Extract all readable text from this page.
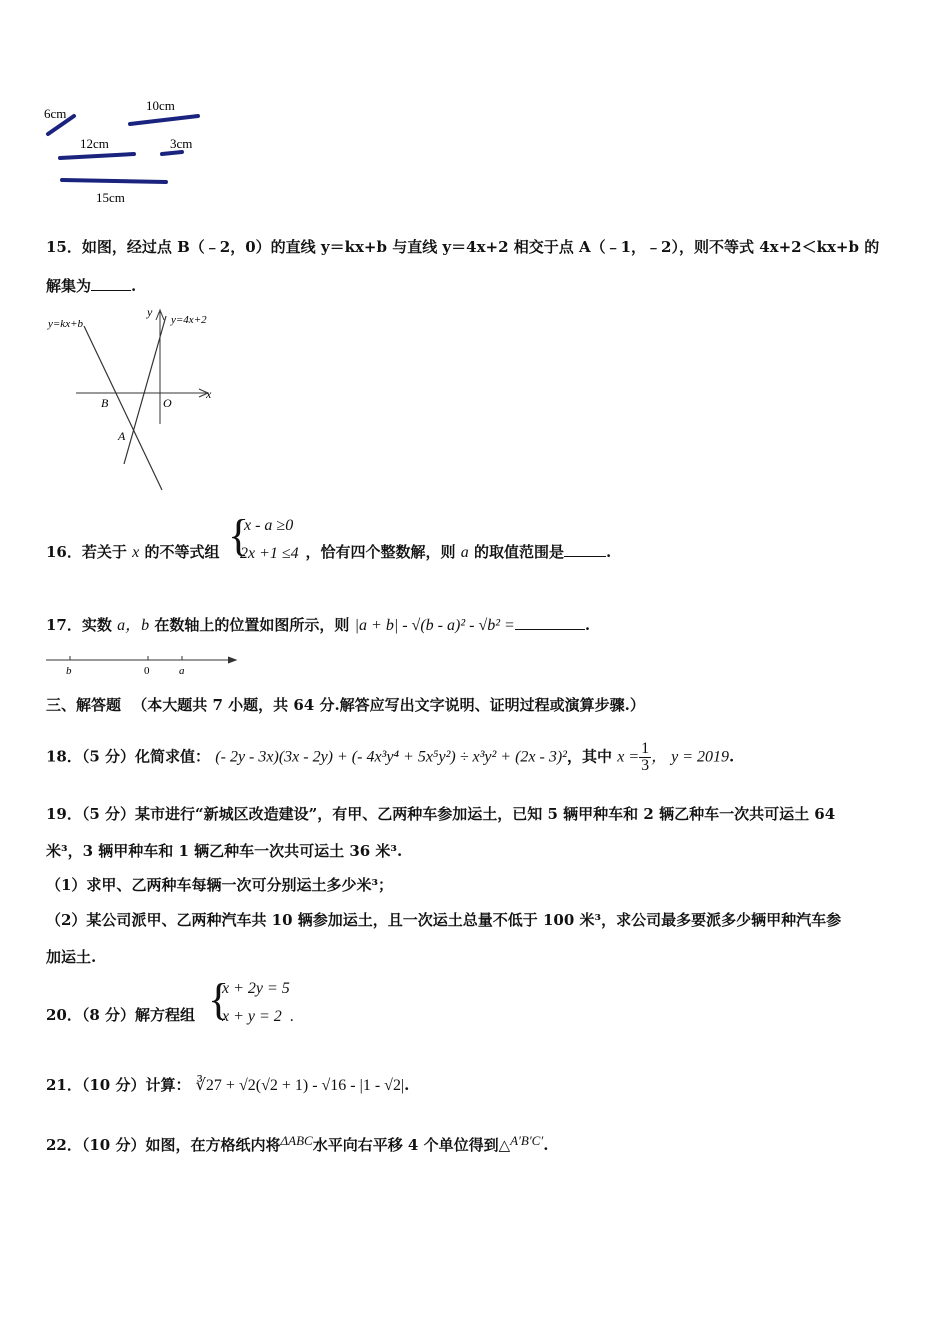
6cm
10cm
12cm	3cm
15cm
15．如图，经过点 B（﹣2，0）的直线 y＝kx+b 与直线 y＝4x+2 相交于点 A（﹣1，﹣2），则不等式 4x+2＜kx+b 的
解集为	.
y=kx+b	y=4x+2
y
x
B	O
A
16．若关于 x 的不等式组	，恰有四个整数解，则 a 的取值范围是	.
{
x - a ≥0
2x +1 ≤4
17．实数 a，b 在数轴上的位置如图所示，则 |a + b| - √(b - a)² - √b² =	.
b	0	a
三、解答题 （本大题共 7 小题，共 64 分.解答应写出文字说明、证明过程或演算步骤.）
18．（5 分）化简求值： (- 2y - 3x)(3x - 2y) + (- 4x³y⁴ + 5x⁵y²) ÷ x³y² + (2x - 3)²，其中 $x = \frac{1}{3}$ ， y = 2019.
19．（5 分）某市进行“新城区改造建设”，有甲、乙两种车参加运土，已知 5 辆甲种车和 2 辆乙种车一次共可运土 64
米³，3 辆甲种车和 1 辆乙种车一次共可运土 36 米³.
（1）求甲、乙两种车每辆一次可分别运土多少米³；
（2）某公司派甲、乙两种汽车共 10 辆参加运土，且一次运土总量不低于 100 米³，求公司最多要派多少辆甲种汽车参
加运土.
20．（8 分）解方程组 {
x + 2y = 5
x + y = 2 .
21．（10 分）计算： ∛27 + √2(√2 + 1) - √16 - |1 - √2|.
22．（10 分）如图，在方格纸内将ΔABC水平向右平移 4 个单位得到△A′B′C′.
